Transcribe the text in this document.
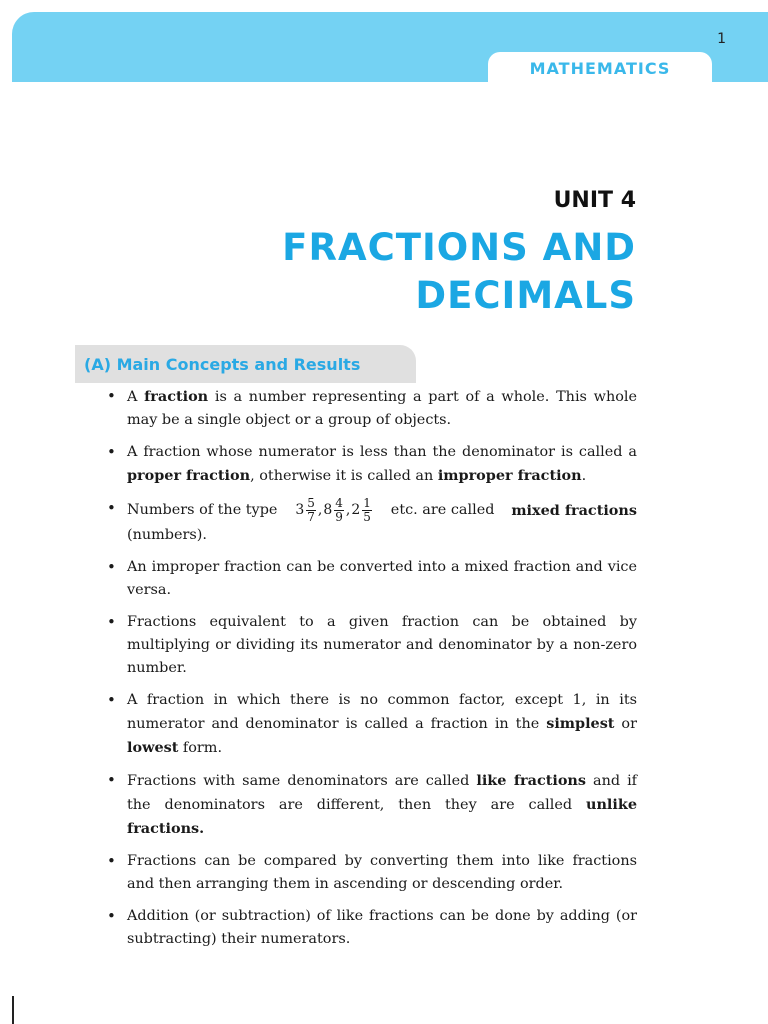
1
MATHEMATICS
UNIT 4
FRACTIONS AND
DECIMALS
(A) Main Concepts and Results
• A fraction is a number representing a part of a whole. This whole may be a single object or a group of objects.
• A fraction whose numerator is less than the denominator is called a proper fraction, otherwise it is called an improper fraction.
• Numbers of the type $3 \frac{5}{7}$ , $8 \frac{4}{9}$ , $2 \frac{1}{5}$ etc. are called mixed fractions
(numbers).
• An improper fraction can be converted into a mixed fraction and vice versa.
• Fractions equivalent to a given fraction can be obtained by multiplying or dividing its numerator and denominator by a non-zero number.
• A fraction in which there is no common factor, except 1, in its numerator and denominator is called a fraction in the simplest or lowest form.
• Fractions with same denominators are called like fractions and if the denominators are different, then they are called unlike fractions.
• Fractions can be compared by converting them into like fractions and then arranging them in ascending or descending order.
• Addition (or subtraction) of like fractions can be done by adding (or subtracting) their numerators.
